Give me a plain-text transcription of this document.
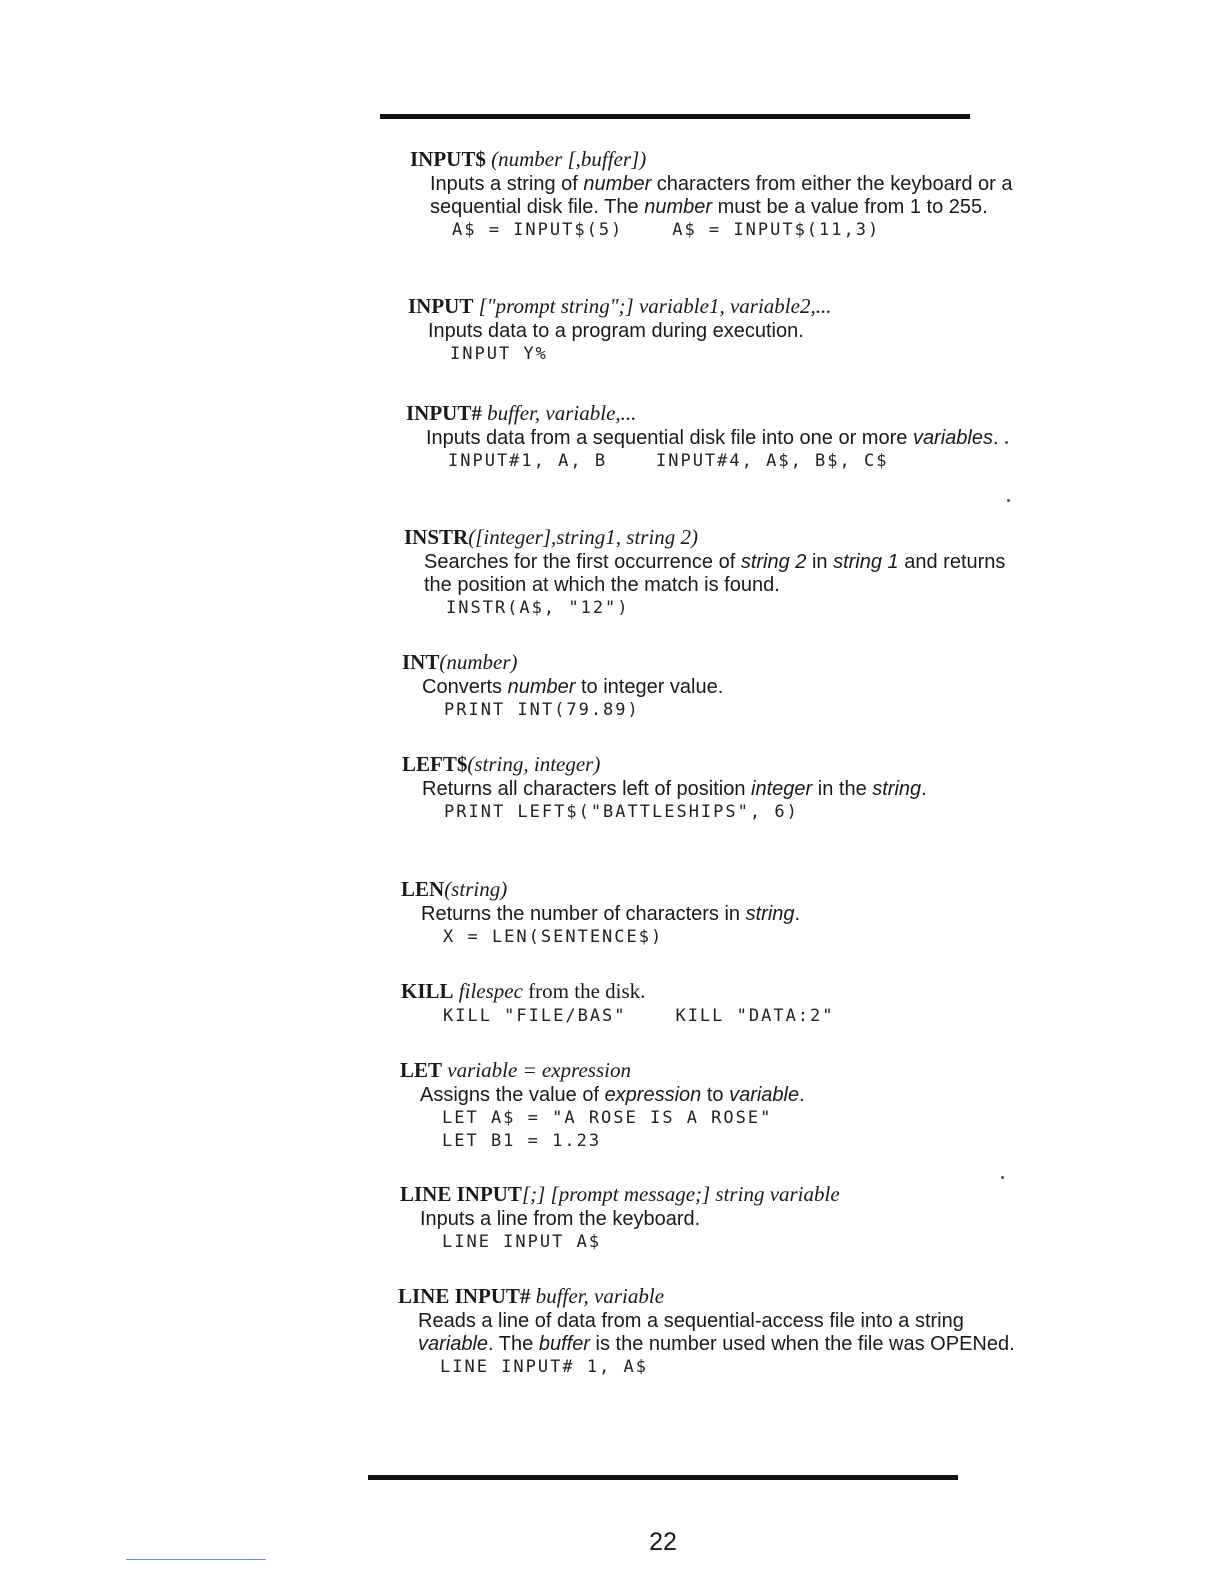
INPUT$ (number [,buffer])
Inputs a string of number characters from either the keyboard or a sequential disk file. The number must be a value from 1 to 255.
A$ = INPUT$(5)    A$ = INPUT$(11,3)
INPUT ["prompt string";] variable1, variable2,...
Inputs data to a program during execution.
INPUT Y%
INPUT# buffer, variable,...
Inputs data from a sequential disk file into one or more variables.
INPUT#1, A, B    INPUT#4, A$, B$, C$
INSTR([integer],string1, string 2)
Searches for the first occurrence of string 2 in string 1 and returns the position at which the match is found.
INSTR(A$, "12")
INT(number)
Converts number to integer value.
PRINT INT(79.89)
LEFT$(string, integer)
Returns all characters left of position integer in the string.
PRINT LEFT$("BATTLESHIPS", 6)
LEN(string)
Returns the number of characters in string.
X = LEN(SENTENCE$)
KILL filespec from the disk.
KILL "FILE/BAS"    KILL "DATA:2"
LET variable = expression
Assigns the value of expression to variable.
LET A$ = "A ROSE IS A ROSE"
LET B1 = 1.23
LINE INPUT[;] [prompt message;] string variable
Inputs a line from the keyboard.
LINE INPUT A$
LINE INPUT# buffer, variable
Reads a line of data from a sequential-access file into a string variable. The buffer is the number used when the file was OPENed.
LINE INPUT# 1, A$
22
